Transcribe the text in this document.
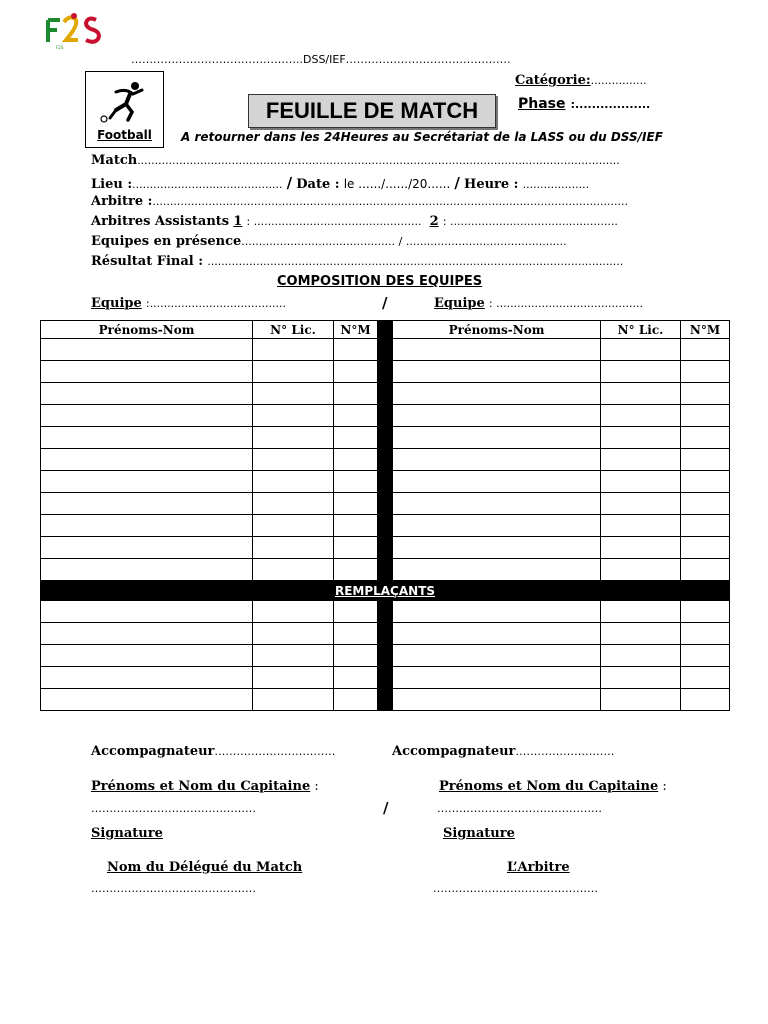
F2S
………………………………………..DSS/IEF………………………………………
Catégorie:................
Phase :..................
Football
FEUILLE DE MATCH
A retourner dans les 24Heures au Secrétariat de la LASS ou du DSS/IEF
Match..........................................................................................................................................
Lieu :........................................... / Date : le ....../....../20...... / Heure : ...................
Arbitre :........................................................................................................................................
Arbitres Assistants 1 : ................................................ 2 : ................................................
Equipes en présence............................................ / ..............................................
Résultat Final : .......................................................................................................................
COMPOSITION DES EQUIPES
Equipe :.......................................	/	Equipe : ..........................................
Prénoms-Nom	N° Lic.	N°M		Prénoms-Nom	N° Lic.	N°M

REMPLAÇANTS						

Accompagnateur……………………………	Accompagnateur………………………
Prénoms et Nom du Capitaine :	Prénoms et Nom du Capitaine :
………………………………………	/	………………………………………
Signature	Signature
Nom du Délégué du Match	L’Arbitre
………………………………………	………………………………………
